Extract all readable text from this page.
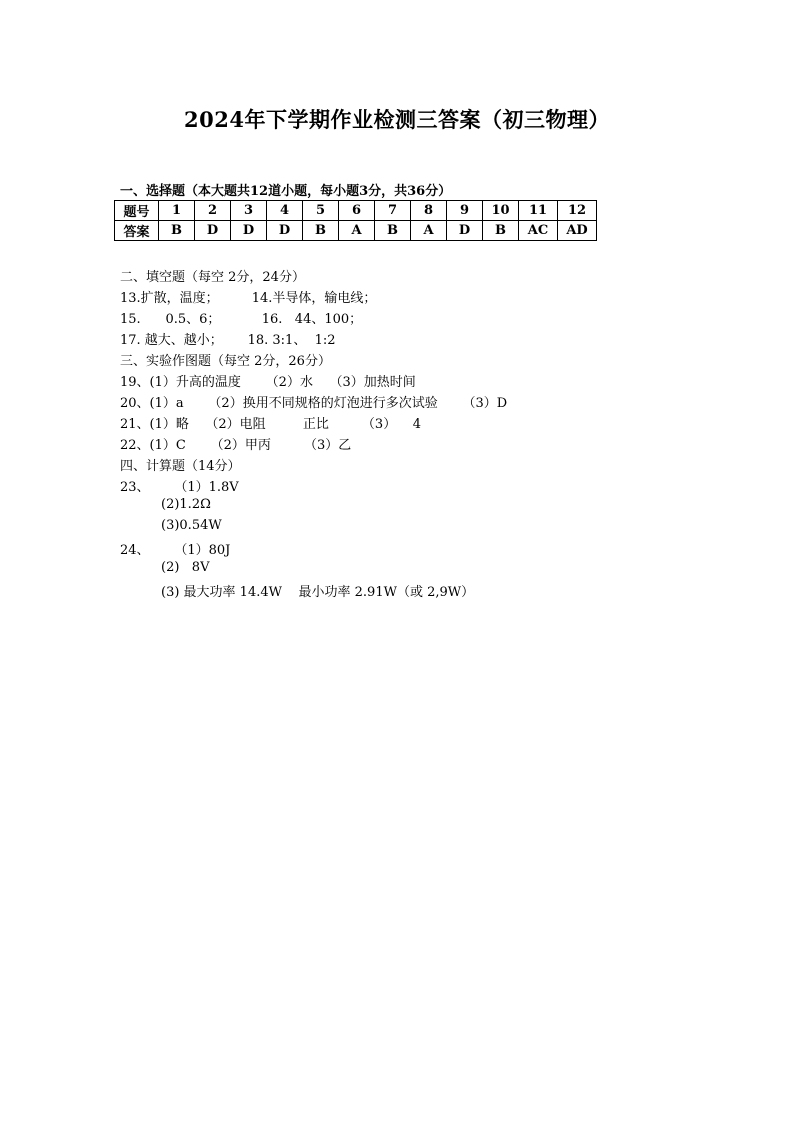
2024年下学期作业检测三答案（初三物理）
一、选择题（本大题共12道小题，每小题3分，共36分）
题号	1	2	3	4	5	6	7	8	9	10	11	12
答案	B	D	D	D	B	A	B	A	D	B	AC	AD
二、填空题（每空 2分，24分）
13.扩散，温度；        14.半导体，输电线；
15.      0.5、6；          16.   44、100；
17. 越大、越小；      18. 3:1、  1:2
三、实验作图题（每空 2分，26分）
19、(1）升高的温度      （2）水    （3）加热时间
20、(1）a      （2）换用不同规格的灯泡进行多次试验      （3）D
21、(1）略    （2）电阻         正比        （3）    4
22、(1）C      （2）甲丙        （3）乙
四、计算题（14分）
23、      （1）1.8V
(2)1.2Ω
(3)0.54W
24、      （1）80J
(2)   8V
(3) 最大功率 14.4W    最小功率 2.91W（或 2,9W）
